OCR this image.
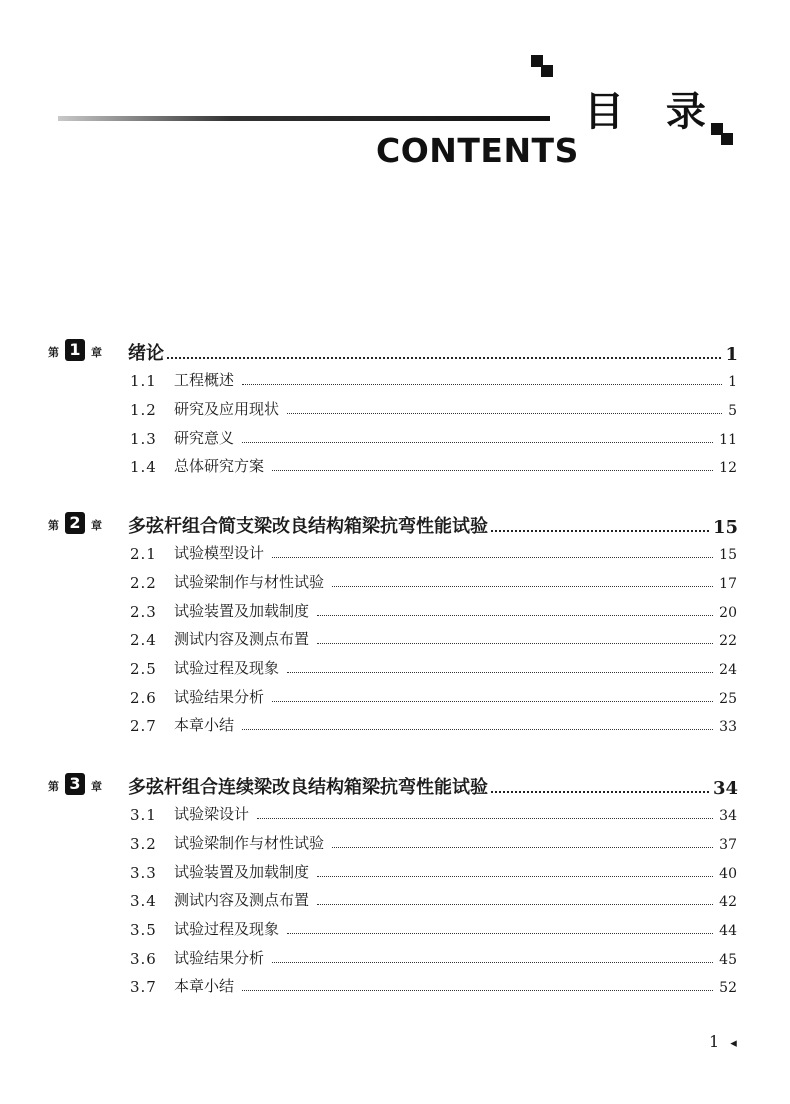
目 录
CONTENTS
第 1 章 绪论	1
1.1	工程概述	1
1.2	研究及应用现状	5
1.3	研究意义	11
1.4	总体研究方案	12
第 2 章 多弦杆组合简支梁改良结构箱梁抗弯性能试验	15
2.1	试验模型设计	15
2.2	试验梁制作与材性试验	17
2.3	试验装置及加载制度	20
2.4	测试内容及测点布置	22
2.5	试验过程及现象	24
2.6	试验结果分析	25
2.7	本章小结	33
第 3 章 多弦杆组合连续梁改良结构箱梁抗弯性能试验	34
3.1	试验梁设计	34
3.2	试验梁制作与材性试验	37
3.3	试验装置及加载制度	40
3.4	测试内容及测点布置	42
3.5	试验过程及现象	44
3.6	试验结果分析	45
3.7	本章小结	52
1 ◂
